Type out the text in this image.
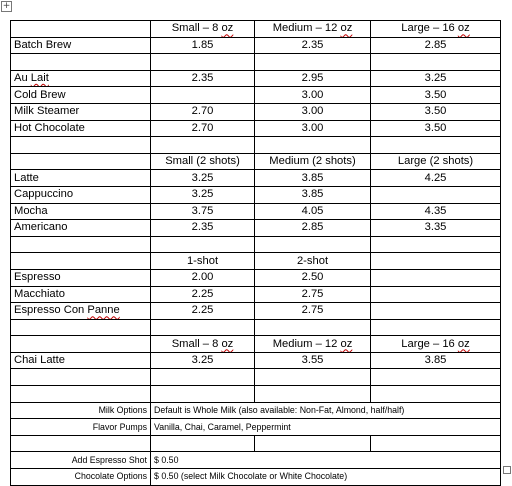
+
	Small – 8 oz	Medium – 12 oz	Large – 16 oz
Batch Brew	1.85	2.35	2.85

Au Lait	2.35	2.95	3.25
Cold Brew		3.00	3.50
Milk Steamer	2.70	3.00	3.50
Hot Chocolate	2.70	3.00	3.50

	Small (2 shots)	Medium (2 shots)	Large (2 shots)
Latte	3.25	3.85	4.25
Cappuccino	3.25	3.85	
Mocha	3.75	4.05	4.35
Americano	2.35	2.85	3.35

	1-shot	2-shot	
Espresso	2.00	2.50	
Macchiato	2.25	2.75	
Espresso Con Panne	2.25	2.75	

	Small – 8 oz	Medium – 12 oz	Large – 16 oz
Chai Latte	3.25	3.55	3.85

Milk Options	Default is Whole Milk (also available: Non-Fat, Almond, half/half)		
Flavor Pumps	Vanilla, Chai, Caramel, Peppermint		

Add Espresso Shot	$ 0.50		
Chocolate Options	$ 0.50 (select Milk Chocolate or White Chocolate)		
